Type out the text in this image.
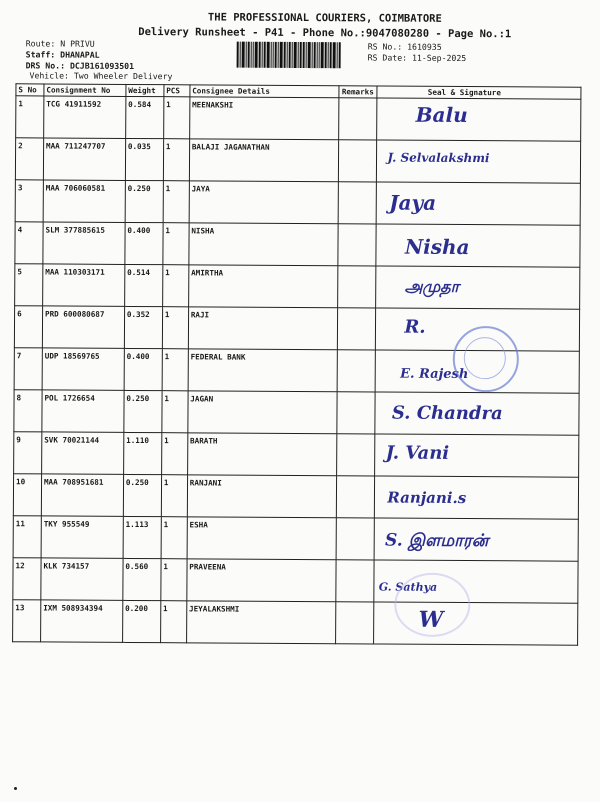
THE PROFESSIONAL COURIERS, COIMBATORE
Delivery Runsheet - P41 - Phone No.:9047080280 - Page No.:1
Route: N PRIVU
Staff: DHANAPAL
DRS No.: DCJB161093501
Vehicle: Two Wheeler Delivery
RS No.: 1610935
RS Date: 11-Sep-2025
S No	Consignment No	Weight	PCS	Consignee Details	Remarks	Seal & Signature
1	TCG 41911592	0.584	1	MEENAKSHI		Balu

2	MAA 711247707	0.035	1	BALAJI JAGANATHAN		J. Selvalakshmi

3	MAA 706060581	0.250	1	JAYA		Jaya

4	SLM 377885615	0.400	1	NISHA		Nisha

5	MAA 110303171	0.514	1	AMIRTHA		அமுதா

6	PRD 600080687	0.352	1	RAJI		R.

7	UDP 18569765	0.400	1	FEDERAL BANK		E. Rajesh

8	POL 1726654	0.250	1	JAGAN		S. Chandra

9	SVK 70021144	1.110	1	BARATH		J. Vani

10	MAA 708951681	0.250	1	RANJANI		Ranjani.s

11	TKY 955549	1.113	1	ESHA		S. இளமாரன்

12	KLK 734157	0.560	1	PRAVEENA		G. Sathya

13	IXM 508934394	0.200	1	JEYALAKSHMI		W
